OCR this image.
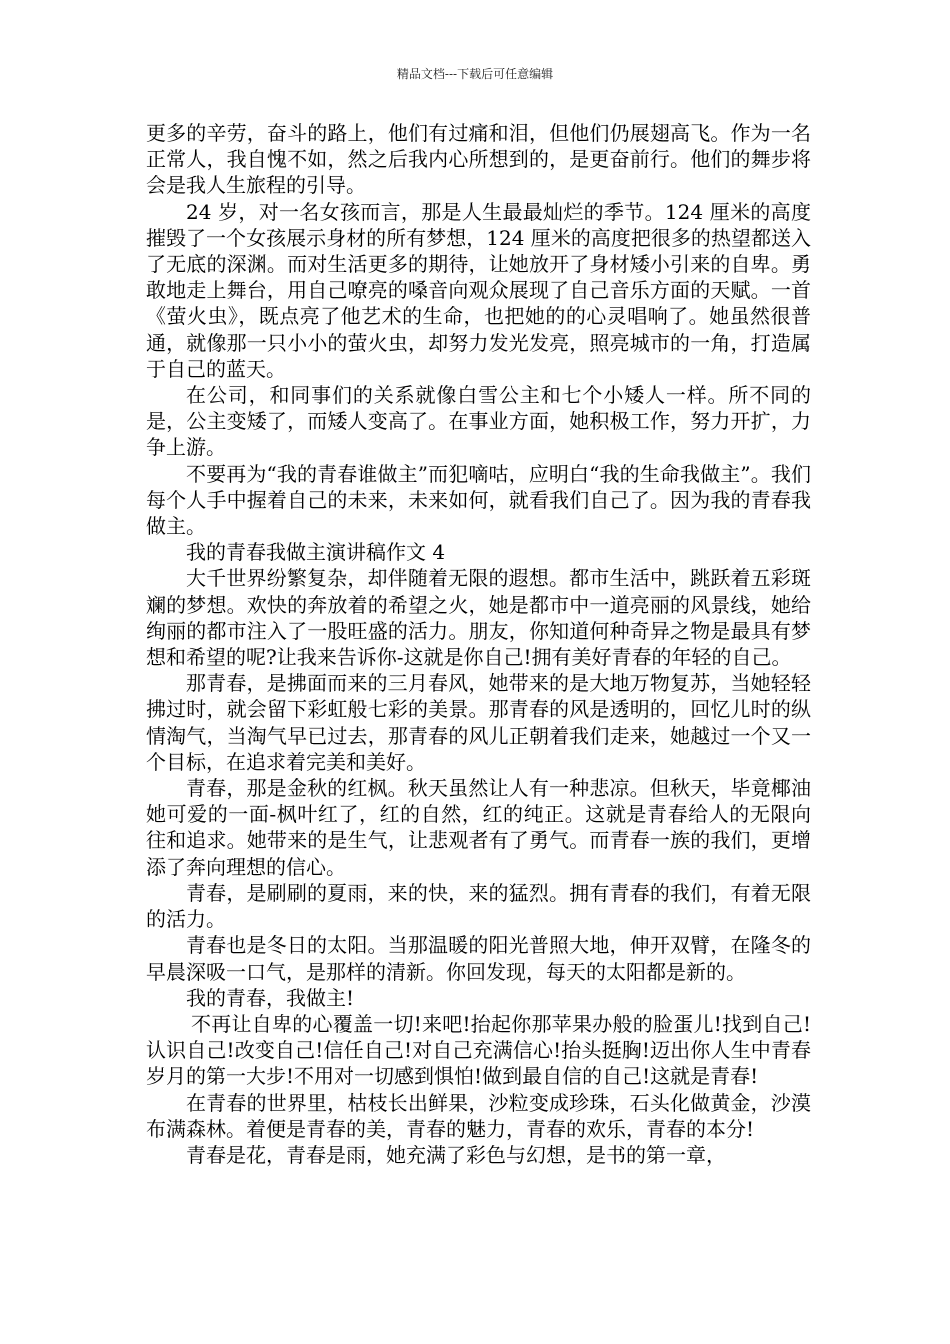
精品文档---下载后可任意编辑

更多的辛劳，奋斗的路上，他们有过痛和泪，但他们仍展翅高飞。作为一名正常人，我自愧不如，然之后我内心所想到的，是更奋前行。他们的舞步将会是我人生旅程的引导。

24 岁，对一名女孩而言，那是人生最最灿烂的季节。124 厘米的高度摧毁了一个女孩展示身材的所有梦想，124 厘米的高度把很多的热望都送入了无底的深渊。而对生活更多的期待，让她放开了身材矮小引来的自卑。勇敢地走上舞台，用自己嘹亮的嗓音向观众展现了自己音乐方面的天赋。一首《萤火虫》，既点亮了他艺术的生命，也把她的的心灵唱响了。她虽然很普通，就像那一只小小的萤火虫，却努力发光发亮，照亮城市的一角，打造属于自己的蓝天。

在公司，和同事们的关系就像白雪公主和七个小矮人一样。所不同的是，公主变矮了，而矮人变高了。在事业方面，她积极工作，努力开扩，力争上游。

不要再为“我的青春谁做主”而犯嘀咕，应明白“我的生命我做主”。我们每个人手中握着自己的未来，未来如何，就看我们自己了。因为我的青春我做主。

我的青春我做主演讲稿作文 4

大千世界纷繁复杂，却伴随着无限的遐想。都市生活中，跳跃着五彩斑斓的梦想。欢快的奔放着的希望之火，她是都市中一道亮丽的风景线，她给绚丽的都市注入了一股旺盛的活力。朋友，你知道何种奇异之物是最具有梦想和希望的呢?让我来告诉你-这就是你自己!拥有美好青春的年轻的自己。

那青春，是拂面而来的三月春风，她带来的是大地万物复苏，当她轻轻拂过时，就会留下彩虹般七彩的美景。那青春的风是透明的，回忆儿时的纵情淘气，当淘气早已过去，那青春的风儿正朝着我们走来，她越过一个又一个目标，在追求着完美和美好。

青春，那是金秋的红枫。秋天虽然让人有一种悲凉。但秋天，毕竟椰油她可爱的一面-枫叶红了，红的自然，红的纯正。这就是青春给人的无限向往和追求。她带来的是生气，让悲观者有了勇气。而青春一族的我们，更增添了奔向理想的信心。

青春，是刷刷的夏雨，来的快，来的猛烈。拥有青春的我们，有着无限的活力。

青春也是冬日的太阳。当那温暖的阳光普照大地，伸开双臂，在隆冬的早晨深吸一口气，是那样的清新。你回发现，每天的太阳都是新的。

我的青春，我做主!

不再让自卑的心覆盖一切!来吧!抬起你那苹果办般的脸蛋儿!找到自己!认识自己!改变自己!信任自己!对自己充满信心!抬头挺胸!迈出你人生中青春岁月的第一大步!不用对一切感到惧怕!做到最自信的自己!这就是青春!

在青春的世界里，枯枝长出鲜果，沙粒变成珍珠，石头化做黄金，沙漠布满森林。着便是青春的美，青春的魅力，青春的欢乐，青春的本分!

青春是花，青春是雨，她充满了彩色与幻想，是书的第一章，
